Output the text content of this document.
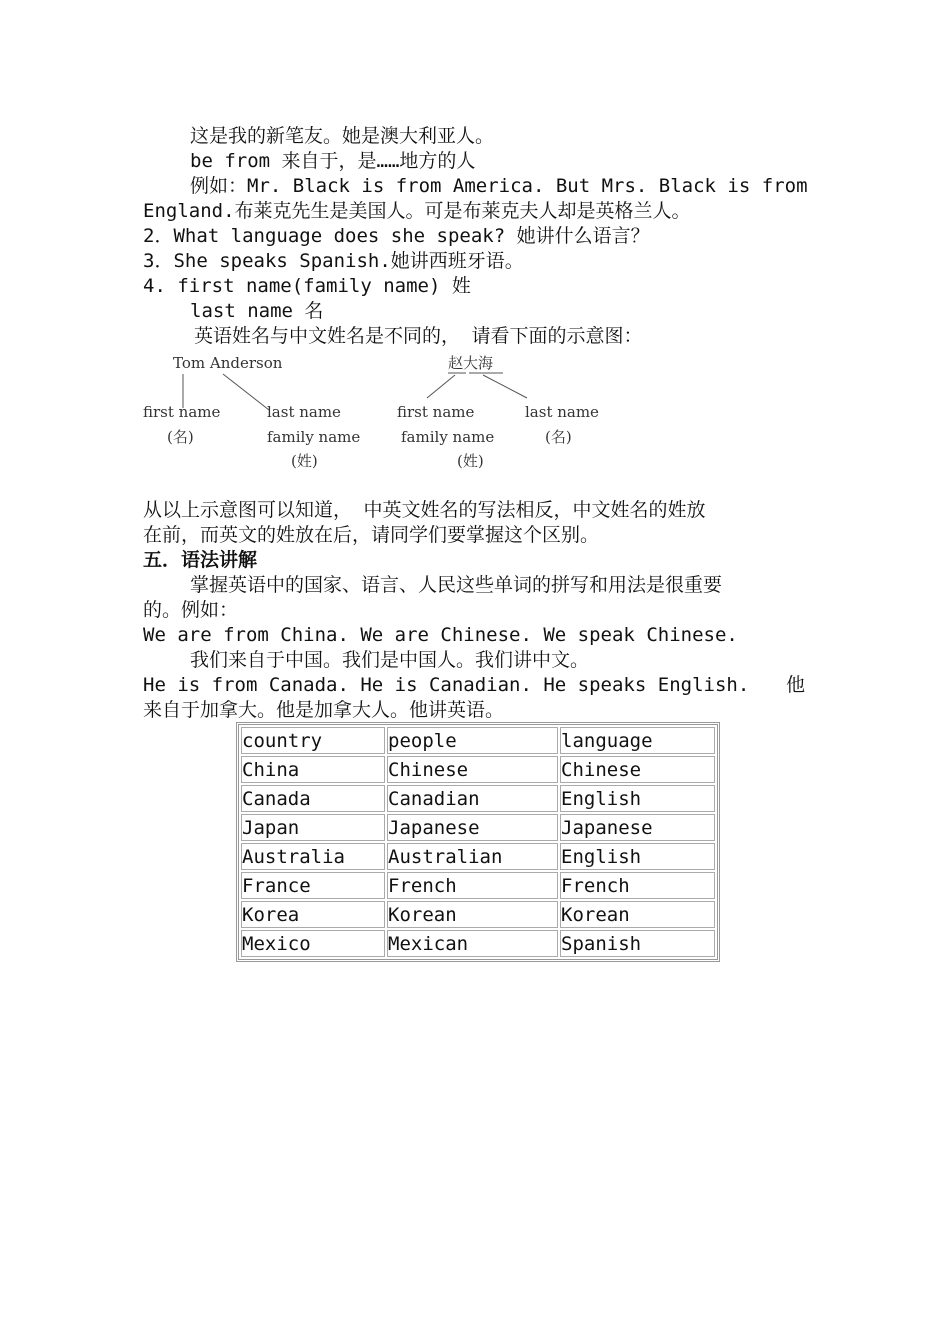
这是我的新笔友。她是澳大利亚人。
be from 来自于，是……地方的人
例如：Mr. Black is from America. But Mrs. Black is from
England.布莱克先生是美国人。可是布莱克夫人却是英格兰人。
2．What language does she speak? 她讲什么语言？
3．She speaks Spanish.她讲西班牙语。
4. first name(family name) 姓
last name 名
英语姓名与中文姓名是不同的， 请看下面的示意图：
Tom Anderson
first name
(名)
last name
family name
(姓)
赵大海
first name
family name
(姓)
last name
(名)
从以上示意图可以知道， 中英文姓名的写法相反，中文姓名的姓放
在前，而英文的姓放在后，请同学们要掌握这个区别。
五．语法讲解
掌握英语中的国家、语言、人民这些单词的拼写和用法是很重要
的。例如：
We are from China. We are Chinese. We speak Chinese.
我们来自于中国。我们是中国人。我们讲中文。
He is from Canada. He is Canadian. He speaks English. 他
来自于加拿大。他是加拿大人。他讲英语。
country	people	language
China	Chinese	Chinese
Canada	Canadian	English
Japan	Japanese	Japanese
Australia	Australian	English
France	French	French
Korea	Korean	Korean
Mexico	Mexican	Spanish
